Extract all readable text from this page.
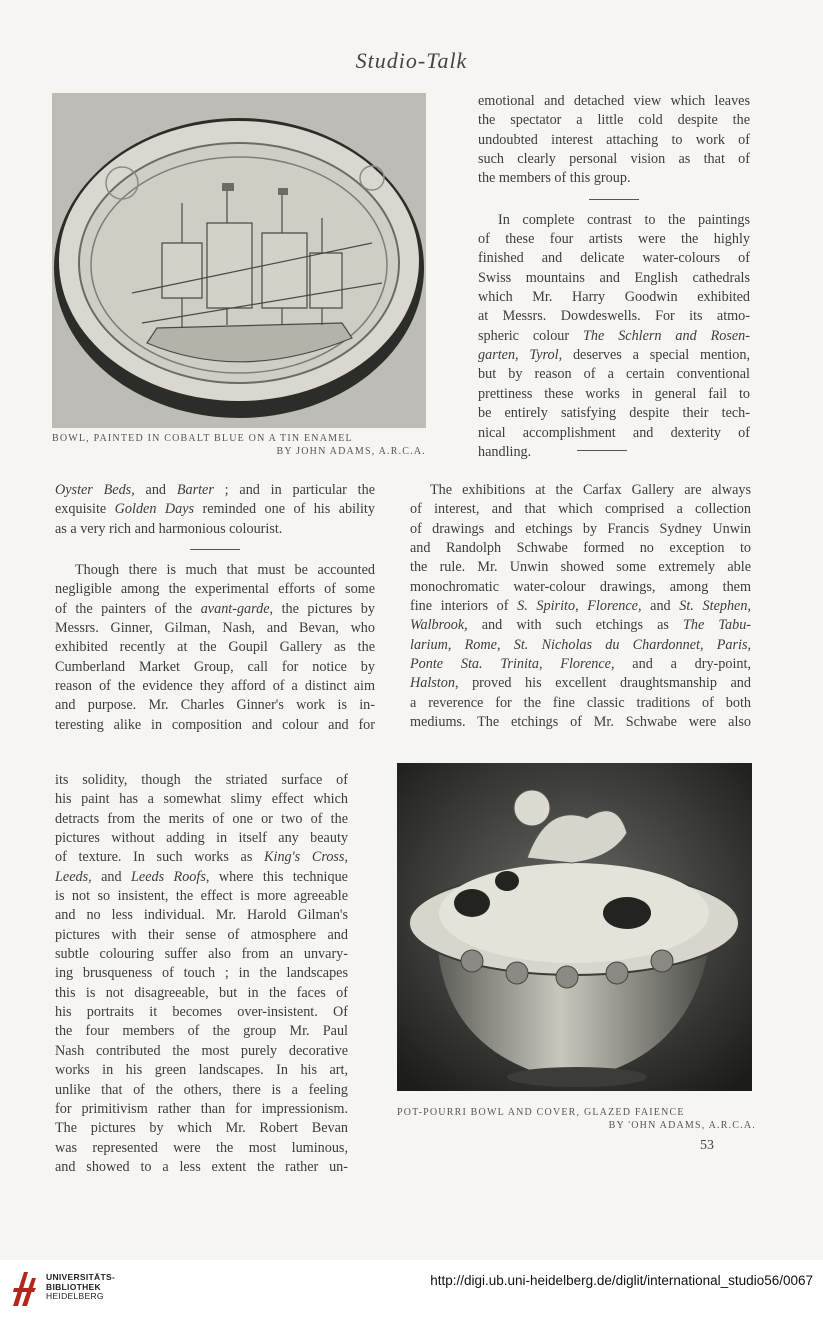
Studio-Talk
BOWL, PAINTED IN COBALT BLUE ON A TIN ENAMEL
BY JOHN ADAMS, A.R.C.A.
emotional and detached view which leaves
the spectator a little cold despite the
undoubted interest attaching to work of
such clearly personal vision as that of
the members of this group.
In complete contrast to the paintings
of these four artists were the highly
finished and delicate water-colours of
Swiss mountains and English cathedrals
which Mr. Harry Goodwin exhibited
at Messrs. Dowdeswells. For its atmo-
spheric colour The Schlern and Rosen-
garten, Tyrol, deserves a special mention,
but by reason of a certain conventional
prettiness these works in general fail to
be entirely satisfying despite their tech-
nical accomplishment and dexterity of
handling.
Oyster Beds, and Barter ; and in particular the
exquisite Golden Days reminded one of his ability
as a very rich and harmonious colourist.
Though there is much that must be accounted
negligible among the experimental efforts of some
of the painters of the avant-garde, the pictures by
Messrs. Ginner, Gilman, Nash, and Bevan, who
exhibited recently at the Goupil Gallery as the
Cumberland Market Group, call for notice by
reason of the evidence they afford of a distinct aim
and purpose. Mr. Charles Ginner's work is in-
teresting alike in composition and colour and for
its solidity, though the striated surface of
his paint has a somewhat slimy effect which
detracts from the merits of one or two of the
pictures without adding in itself any beauty
of texture. In such works as King's Cross,
Leeds, and Leeds Roofs, where this technique
is not so insistent, the effect is more agreeable
and no less individual. Mr. Harold Gilman's
pictures with their sense of atmosphere and
subtle colouring suffer also from an unvary-
ing brusqueness of touch ; in the landscapes
this is not disagreeable, but in the faces of
his portraits it becomes over-insistent. Of
the four members of the group Mr. Paul
Nash contributed the most purely decorative
works in his green landscapes. In his art,
unlike that of the others, there is a feeling
for primitivism rather than for impressionism.
The pictures by which Mr. Robert Bevan
was represented were the most luminous,
and showed to a less extent the rather un-
The exhibitions at the Carfax Gallery are always
of interest, and that which comprised a collection
of drawings and etchings by Francis Sydney Unwin
and Randolph Schwabe formed no exception to
the rule. Mr. Unwin showed some extremely able
monochromatic water-colour drawings, among them
fine interiors of S. Spirito, Florence, and St. Stephen,
Walbrook, and with such etchings as The Tabu-
larium, Rome, St. Nicholas du Chardonnet, Paris,
Ponte Sta. Trinita, Florence, and a dry-point,
Halston, proved his excellent draughtsmanship and
a reverence for the fine classic traditions of both
mediums. The etchings of Mr. Schwabe were also
POT-POURRI BOWL AND COVER, GLAZED FAIENCE
BY 'OHN ADAMS, A.R.C.A.
53
UNIVERSITÄTS-
BIBLIOTHEK
HEIDELBERG
http://digi.ub.uni-heidelberg.de/diglit/international_studio56/0067
